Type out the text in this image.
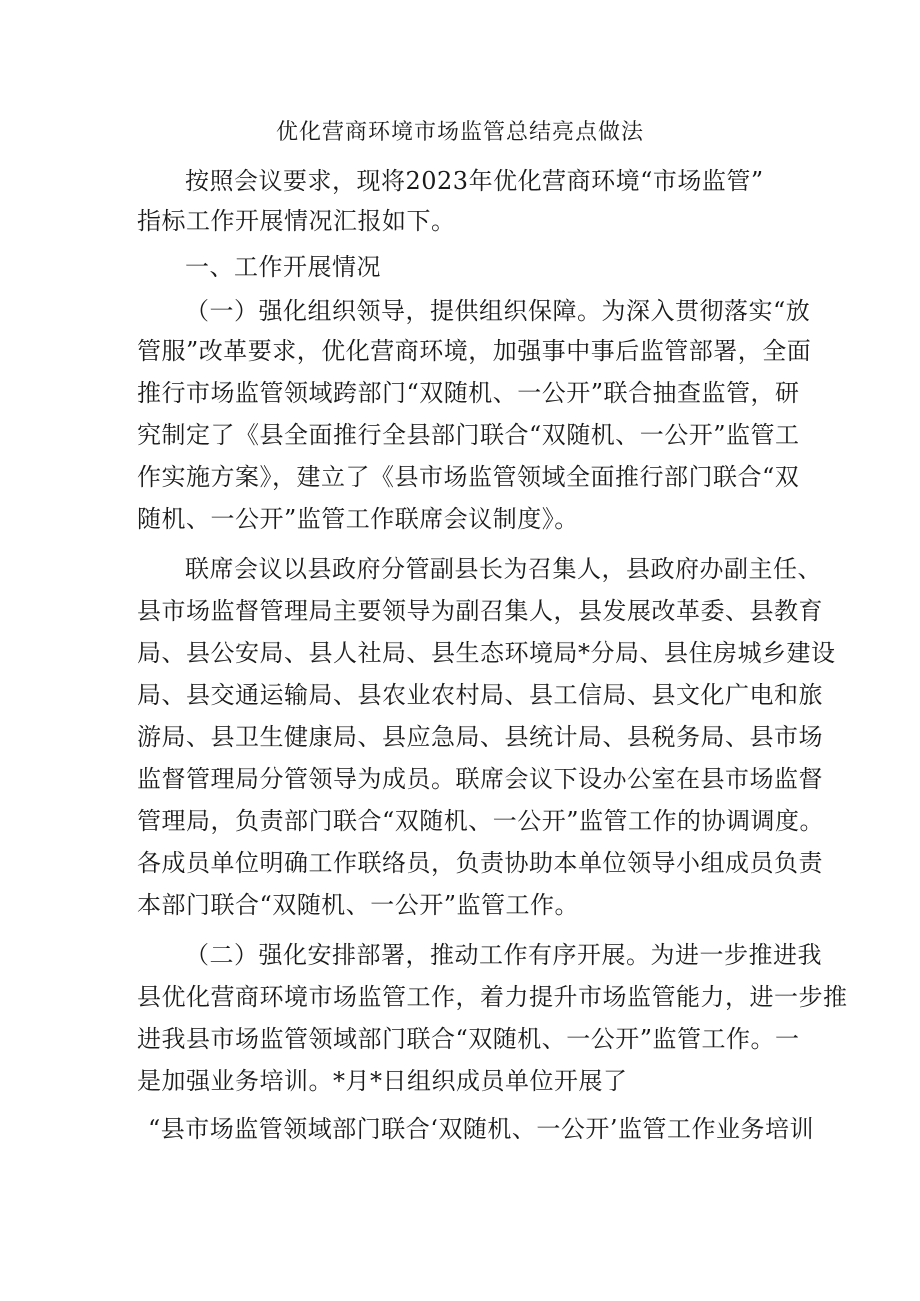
优化营商环境市场监管总结亮点做法
按照会议要求，现将2023年优化营商环境“市场监管”
指标工作开展情况汇报如下。
一、工作开展情况
（一）强化组织领导，提供组织保障。为深入贯彻落实“放
管服”改革要求，优化营商环境，加强事中事后监管部署，全面
推行市场监管领域跨部门“双随机、一公开”联合抽查监管，研
究制定了《县全面推行全县部门联合“双随机、一公开”监管工
作实施方案》，建立了《县市场监管领域全面推行部门联合“双
随机、一公开”监管工作联席会议制度》。
联席会议以县政府分管副县长为召集人，县政府办副主任、
县市场监督管理局主要领导为副召集人，县发展改革委、县教育
局、县公安局、县人社局、县生态环境局*分局、县住房城乡建设
局、县交通运输局、县农业农村局、县工信局、县文化广电和旅
游局、县卫生健康局、县应急局、县统计局、县税务局、县市场
监督管理局分管领导为成员。联席会议下设办公室在县市场监督
管理局，负责部门联合“双随机、一公开”监管工作的协调调度。
各成员单位明确工作联络员，负责协助本单位领导小组成员负责
本部门联合“双随机、一公开”监管工作。
（二）强化安排部署，推动工作有序开展。为进一步推进我
县优化营商环境市场监管工作，着力提升市场监管能力，进一步推
进我县市场监管领域部门联合“双随机、一公开”监管工作。一
是加强业务培训。*月*日组织成员单位开展了
“县市场监管领域部门联合‘双随机、一公开’监管工作业务培训
